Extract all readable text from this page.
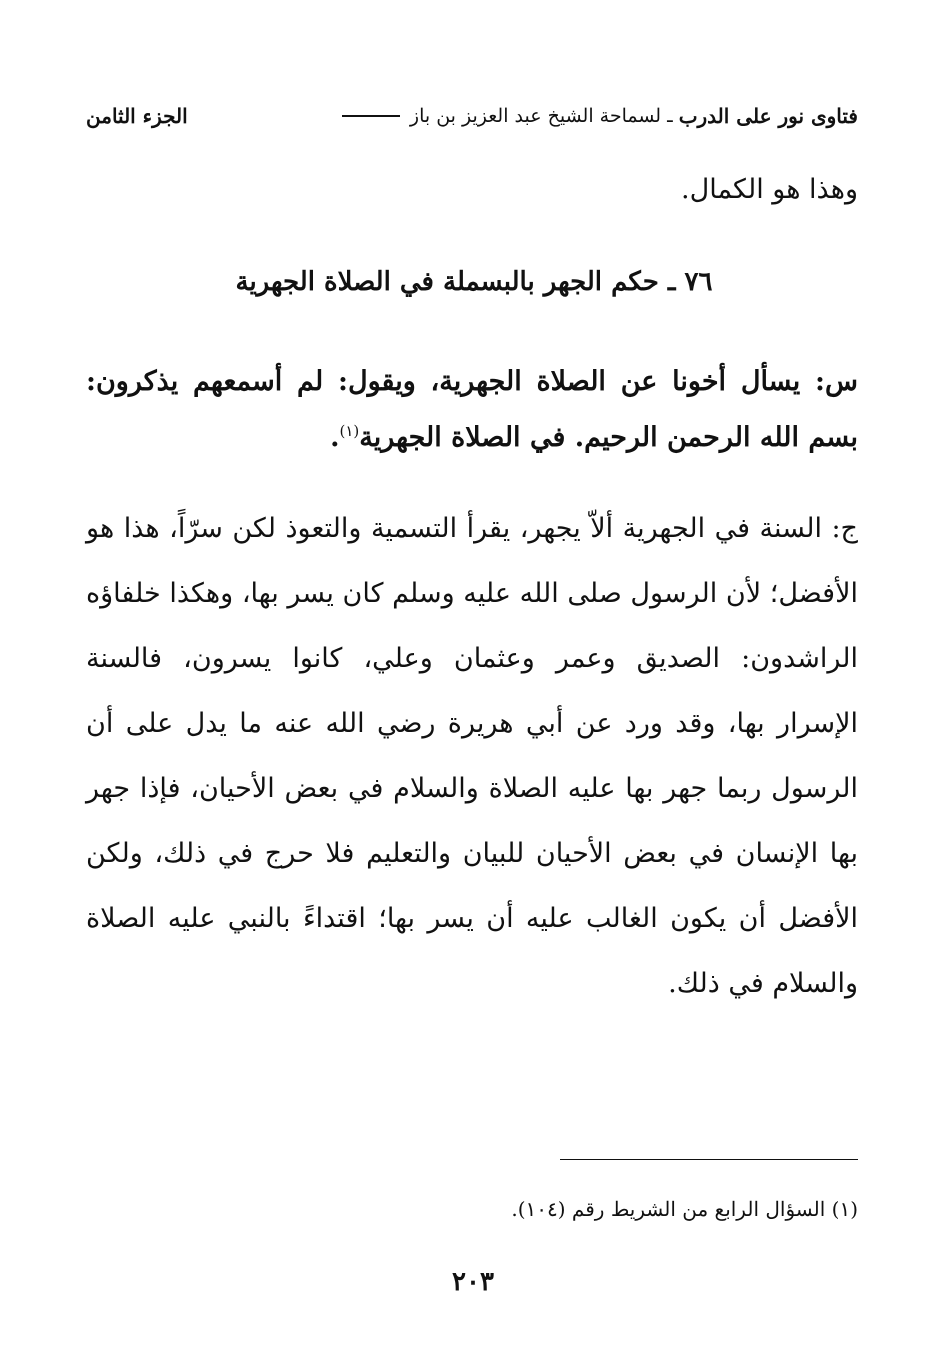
فتاوى نور على الدرب
ـ
لسماحة الشيخ عبد العزيز بن باز
الجزء الثامن
وهذا هو الكمال.
٧٦ ـ حكم الجهر بالبسملة في الصلاة الجهرية
س: يسأل أخونا عن الصلاة الجهرية، ويقول: لم أسمعهم يذكرون: بسم الله الرحمن الرحيم. في الصلاة الجهرية$^{(١)}$.
ج: السنة في الجهرية ألاّ يجهر، يقرأ التسمية والتعوذ لكن سرّاً، هذا هو الأفضل؛ لأن الرسول صلى الله عليه وسلم كان يسر بها، وهكذا خلفاؤه الراشدون: الصديق وعمر وعثمان وعلي، كانوا يسرون، فالسنة الإسرار بها، وقد ورد عن أبي هريرة رضي الله عنه ما يدل على أن الرسول ربما جهر بها عليه الصلاة والسلام في بعض الأحيان، فإذا جهر بها الإنسان في بعض الأحيان للبيان والتعليم فلا حرج في ذلك، ولكن الأفضل أن يكون الغالب عليه أن يسر بها؛ اقتداءً بالنبي عليه الصلاة والسلام في ذلك.
(١) السؤال الرابع من الشريط رقم (١٠٤).
٢٠٣
